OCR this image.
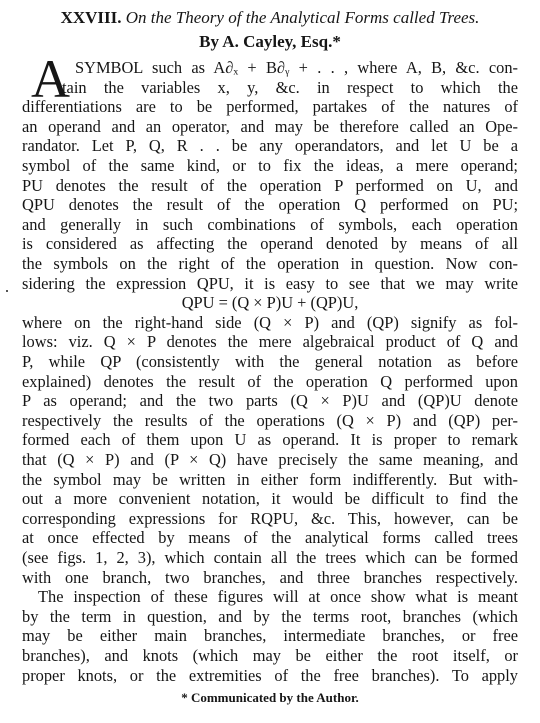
XXVIII. On the Theory of the Analytical Forms called Trees.
By A. Cayley, Esq.*
A SYMBOL such as A∂ₓ + B∂ᵧ + . . , where A, B, &c. con-
tain the variables x, y, &c. in respect to which the
differentiations are to be performed, partakes of the natures of
an operand and an operator, and may be therefore called an Ope-
randator. Let P, Q, R . . be any operandators, and let U be a
symbol of the same kind, or to fix the ideas, a mere operand;
PU denotes the result of the operation P performed on U, and
QPU denotes the result of the operation Q performed on PU;
and generally in such combinations of symbols, each operation
is considered as affecting the operand denoted by means of all
the symbols on the right of the operation in question. Now con-
sidering the expression QPU, it is easy to see that we may write
QPU = (Q × P)U + (QP)U,
where on the right-hand side (Q × P) and (QP) signify as fol-
lows: viz. Q × P denotes the mere algebraical product of Q and
P, while QP (consistently with the general notation as before
explained) denotes the result of the operation Q performed upon
P as operand; and the two parts (Q × P)U and (QP)U denote
respectively the results of the operations (Q × P) and (QP) per-
formed each of them upon U as operand. It is proper to remark
that (Q × P) and (P × Q) have precisely the same meaning, and
the symbol may be written in either form indifferently. But with-
out a more convenient notation, it would be difficult to find the
corresponding expressions for RQPU, &c. This, however, can be
at once effected by means of the analytical forms called trees
(see figs. 1, 2, 3), which contain all the trees which can be formed
with one branch, two branches, and three branches respectively.
The inspection of these figures will at once show what is meant
by the term in question, and by the terms root, branches (which
may be either main branches, intermediate branches, or free
branches), and knots (which may be either the root itself, or
proper knots, or the extremities of the free branches). To apply
* Communicated by the Author.
